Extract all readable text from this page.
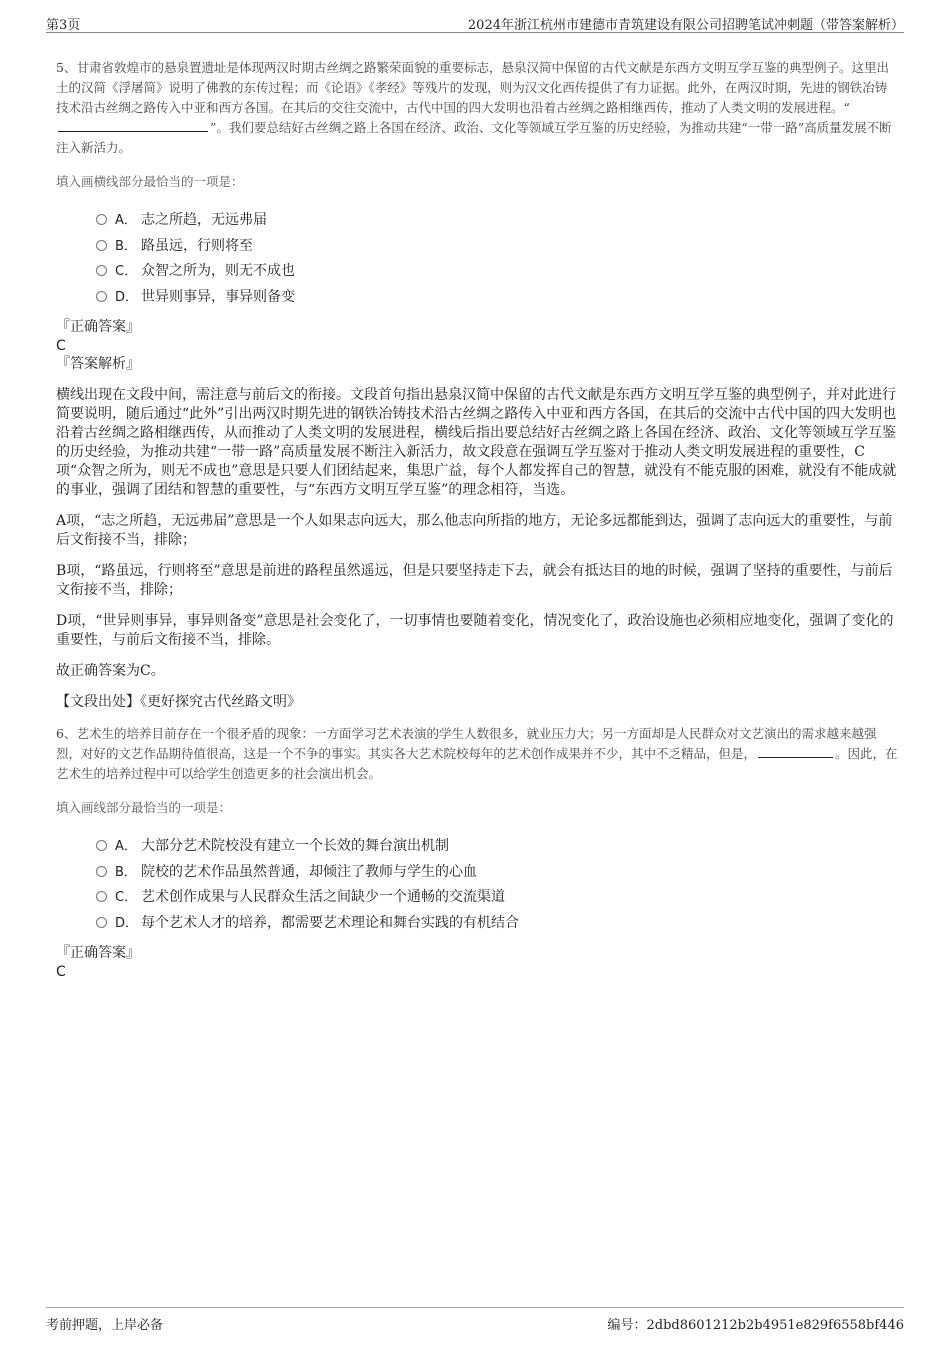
第3页	2024年浙江杭州市建德市青筑建设有限公司招聘笔试冲刺题（带答案解析）

5、甘肃省敦煌市的悬泉置遗址是体现两汉时期古丝绸之路繁荣面貌的重要标志，悬泉汉简中保留的古代文献是东西方文明互学互鉴的典型例子。这里出土的汉简《浮屠简》说明了佛教的东传过程；而《论语》《孝经》等残片的发现，则为汉文化西传提供了有力证据。此外，在两汉时期，先进的钢铁冶铸技术沿古丝绸之路传入中亚和西方各国。在其后的交往交流中，古代中国的四大发明也沿着古丝绸之路相继西传，推动了人类文明的发展进程。“”。我们要总结好古丝绸之路上各国在经济、政治、文化等领域互学互鉴的历史经验，为推动共建“一带一路”高质量发展不断注入新活力。

填入画横线部分最恰当的一项是：

A． 志之所趋，无远弗届
B． 路虽远，行则将至
C． 众智之所为，则无不成也
D． 世异则事异，事异则备变

『正确答案』

C

『答案解析』

横线出现在文段中间，需注意与前后文的衔接。文段首句指出悬泉汉简中保留的古代文献是东西方文明互学互鉴的典型例子，并对此进行简要说明，随后通过“此外”引出两汉时期先进的钢铁冶铸技术沿古丝绸之路传入中亚和西方各国，在其后的交流中古代中国的四大发明也沿着古丝绸之路相继西传，从而推动了人类文明的发展进程，横线后指出要总结好古丝绸之路上各国在经济、政治、文化等领域互学互鉴的历史经验，为推动共建“一带一路”高质量发展不断注入新活力，故文段意在强调互学互鉴对于推动人类文明发展进程的重要性，C项“众智之所为，则无不成也”意思是只要人们团结起来，集思广益，每个人都发挥自己的智慧，就没有不能克服的困难，就没有不能成就的事业，强调了团结和智慧的重要性，与“东西方文明互学互鉴”的理念相符，当选。

A项，“志之所趋，无远弗届”意思是一个人如果志向远大，那么他志向所指的地方，无论多远都能到达，强调了志向远大的重要性，与前后文衔接不当，排除；

B项，“路虽远，行则将至”意思是前进的路程虽然遥远，但是只要坚持走下去，就会有抵达目的地的时候，强调了坚持的重要性，与前后文衔接不当，排除；

D项，“世异则事异，事异则备变”意思是社会变化了，一切事情也要随着变化，情况变化了，政治设施也必须相应地变化，强调了变化的重要性，与前后文衔接不当，排除。

故正确答案为C。

【文段出处】《更好探究古代丝路文明》

6、艺术生的培养目前存在一个很矛盾的现象：一方面学习艺术表演的学生人数很多，就业压力大；另一方面却是人民群众对文艺演出的需求越来越强烈，对好的文艺作品期待值很高，这是一个不争的事实。其实各大艺术院校每年的艺术创作成果并不少，其中不乏精品，但是，	。因此，在艺术生的培养过程中可以给学生创造更多的社会演出机会。

填入画线部分最恰当的一项是：

A． 大部分艺术院校没有建立一个长效的舞台演出机制
B． 院校的艺术作品虽然普通，却倾注了教师与学生的心血
C． 艺术创作成果与人民群众生活之间缺少一个通畅的交流渠道
D． 每个艺术人才的培养，都需要艺术理论和舞台实践的有机结合

『正确答案』

C

考前押题，上岸必备	编号：2dbd8601212b2b4951e829f6558bf446
